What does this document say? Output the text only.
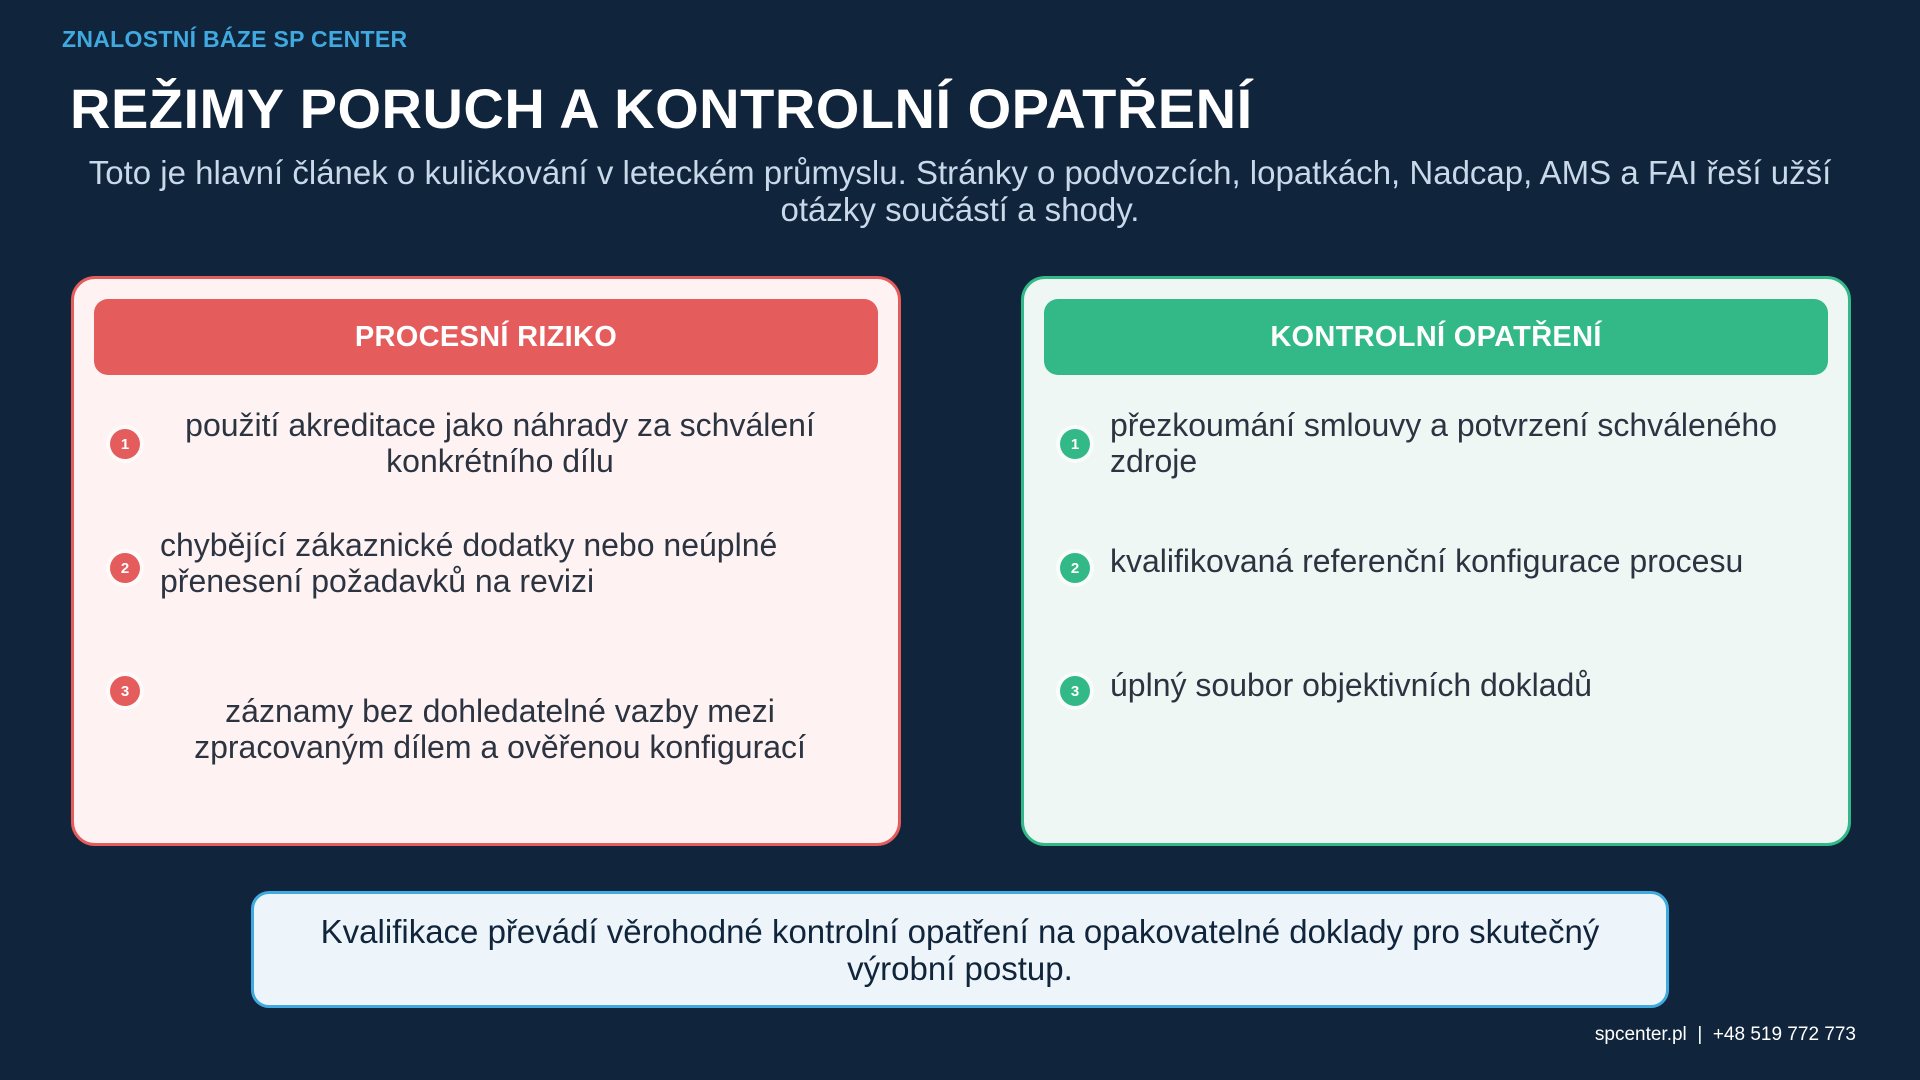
ZNALOSTNÍ BÁZE SP CENTER
REŽIMY PORUCH A KONTROLNÍ OPATŘENÍ
Toto je hlavní článek o kuličkování v leteckém průmyslu. Stránky o podvozcích, lopatkách, Nadcap, AMS a FAI řeší užší otázky součástí a shody.
PROCESNÍ RIZIKO
1
použití akreditace jako náhrady za schválení konkrétního dílu
2
chybějící zákaznické dodatky nebo neúplné přenesení požadavků na revizi
3
záznamy bez dohledatelné vazby mezi zpracovaným dílem a ověřenou konfigurací
KONTROLNÍ OPATŘENÍ
1
přezkoumání smlouvy a potvrzení schváleného zdroje
2 kvalifikovaná referenční konfigurace procesu
3 úplný soubor objektivních dokladů
Kvalifikace převádí věrohodné kontrolní opatření na opakovatelné doklady pro skutečný výrobní postup.
spcenter.pl  |  +48 519 772 773
